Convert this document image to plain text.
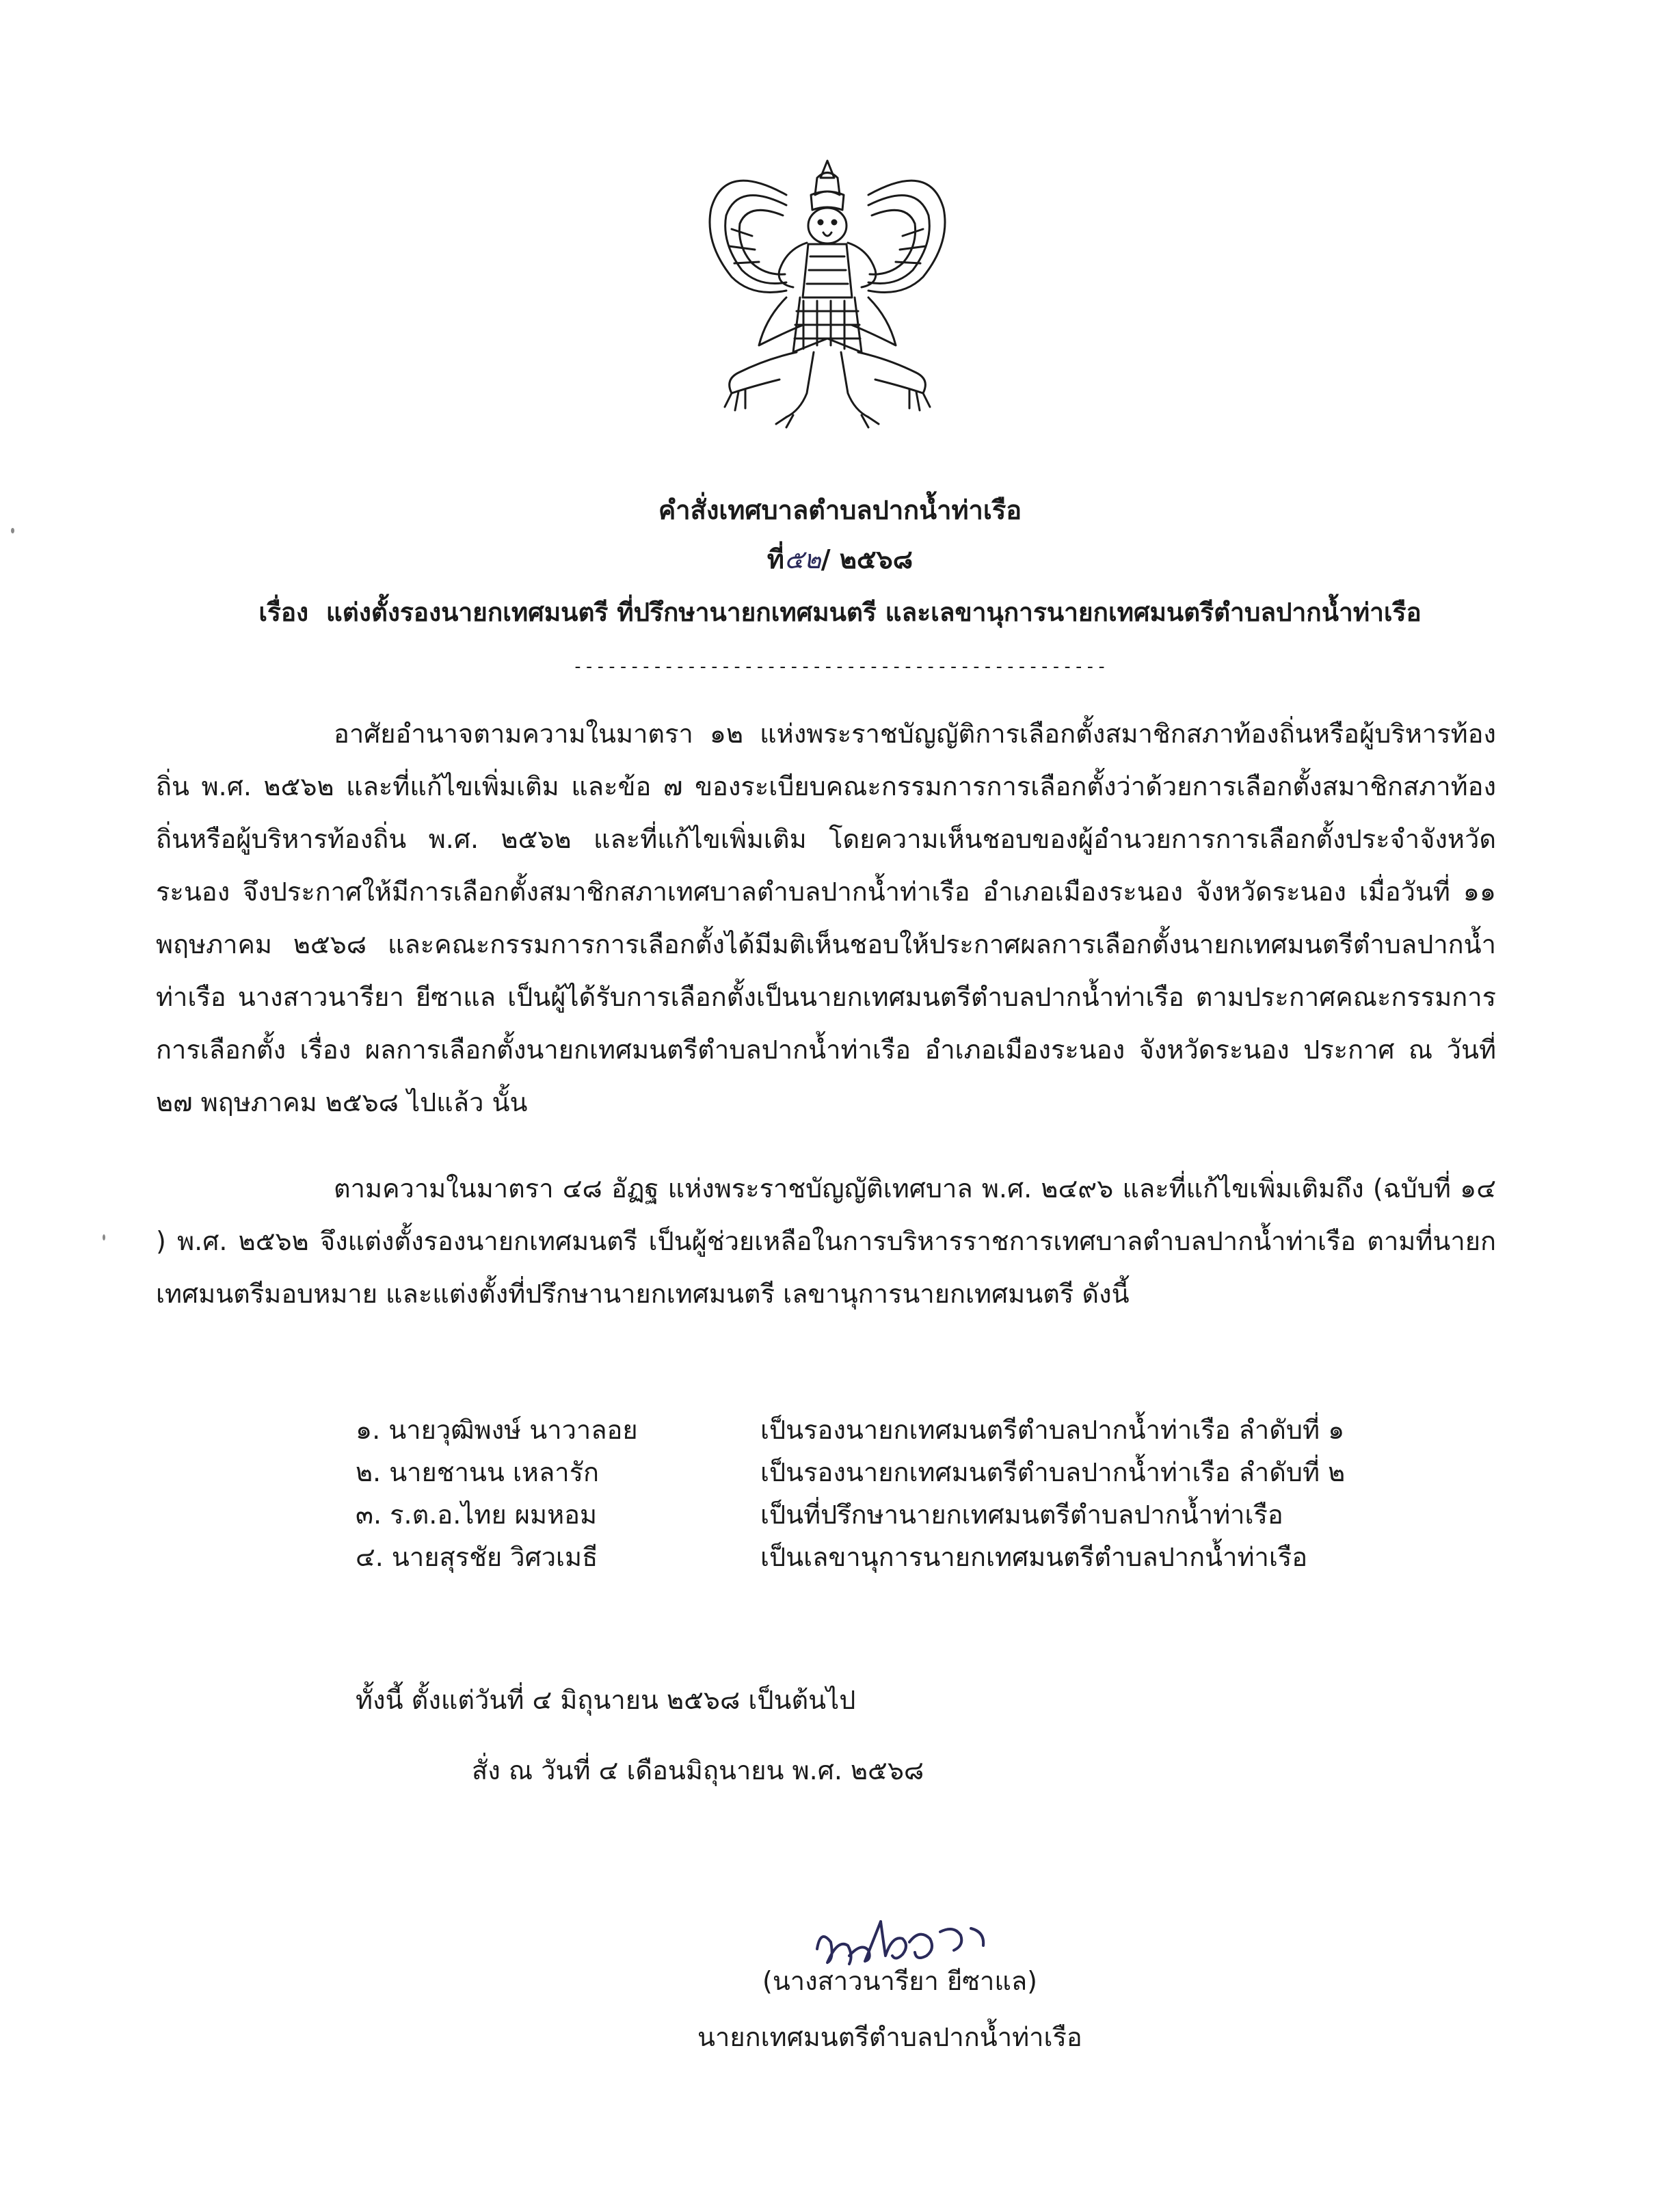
คำสั่งเทศบาลตำบลปากน้ำท่าเรือ
ที่๕๒/ ๒๕๖๘
เรื่อง แต่งตั้งรองนายกเทศมนตรี ที่ปรึกษานายกเทศมนตรี และเลขานุการนายกเทศมนตรีตำบลปากน้ำท่าเรือ
-----------------------------------------------
อาศัยอำนาจตามความในมาตรา ๑๒ แห่งพระราชบัญญัติการเลือกตั้งสมาชิกสภาท้องถิ่นหรือผู้บริหารท้องถิ่น พ.ศ. ๒๕๖๒ และที่แก้ไขเพิ่มเติม และข้อ ๗ ของระเบียบคณะกรรมการการเลือกตั้งว่าด้วยการเลือกตั้งสมาชิกสภาท้องถิ่นหรือผู้บริหารท้องถิ่น พ.ศ. ๒๕๖๒ และที่แก้ไขเพิ่มเติม โดยความเห็นชอบของผู้อำนวยการการเลือกตั้งประจำจังหวัดระนอง จึงประกาศให้มีการเลือกตั้งสมาชิกสภาเทศบาลตำบลปากน้ำท่าเรือ อำเภอเมืองระนอง จังหวัดระนอง เมื่อวันที่ ๑๑ พฤษภาคม ๒๕๖๘ และคณะกรรมการการเลือกตั้งได้มีมติเห็นชอบให้ประกาศผลการเลือกตั้งนายกเทศมนตรีตำบลปากน้ำท่าเรือ นางสาวนารียา ยีซาแล เป็นผู้ได้รับการเลือกตั้งเป็นนายกเทศมนตรีตำบลปากน้ำท่าเรือ ตามประกาศคณะกรรมการการเลือกตั้ง เรื่อง ผลการเลือกตั้งนายกเทศมนตรีตำบลปากน้ำท่าเรือ อำเภอเมืองระนอง จังหวัดระนอง ประกาศ ณ วันที่ ๒๗ พฤษภาคม ๒๕๖๘ ไปแล้ว นั้น
ตามความในมาตรา ๔๘ อัฏฐ แห่งพระราชบัญญัติเทศบาล พ.ศ. ๒๔๙๖ และที่แก้ไขเพิ่มเติมถึง (ฉบับที่ ๑๔ ) พ.ศ. ๒๕๖๒ จึงแต่งตั้งรองนายกเทศมนตรี เป็นผู้ช่วยเหลือในการบริหารราชการเทศบาลตำบลปากน้ำท่าเรือ ตามที่นายกเทศมนตรีมอบหมาย และแต่งตั้งที่ปรึกษานายกเทศมนตรี เลขานุการนายกเทศมนตรี ดังนี้
๑. นายวุฒิพงษ์ นาวาลอย	เป็นรองนายกเทศมนตรีตำบลปากน้ำท่าเรือ ลำดับที่ ๑
๒. นายชานน เหลารัก	เป็นรองนายกเทศมนตรีตำบลปากน้ำท่าเรือ ลำดับที่ ๒
๓. ร.ต.อ.ไทย ผมหอม	เป็นที่ปรึกษานายกเทศมนตรีตำบลปากน้ำท่าเรือ
๔. นายสุรชัย วิศวเมธี	เป็นเลขานุการนายกเทศมนตรีตำบลปากน้ำท่าเรือ
ทั้งนี้ ตั้งแต่วันที่ ๔ มิถุนายน ๒๕๖๘ เป็นต้นไป
สั่ง ณ วันที่ ๔ เดือนมิถุนายน พ.ศ. ๒๕๖๘
(นางสาวนารียา ยีซาแล)
นายกเทศมนตรีตำบลปากน้ำท่าเรือ
